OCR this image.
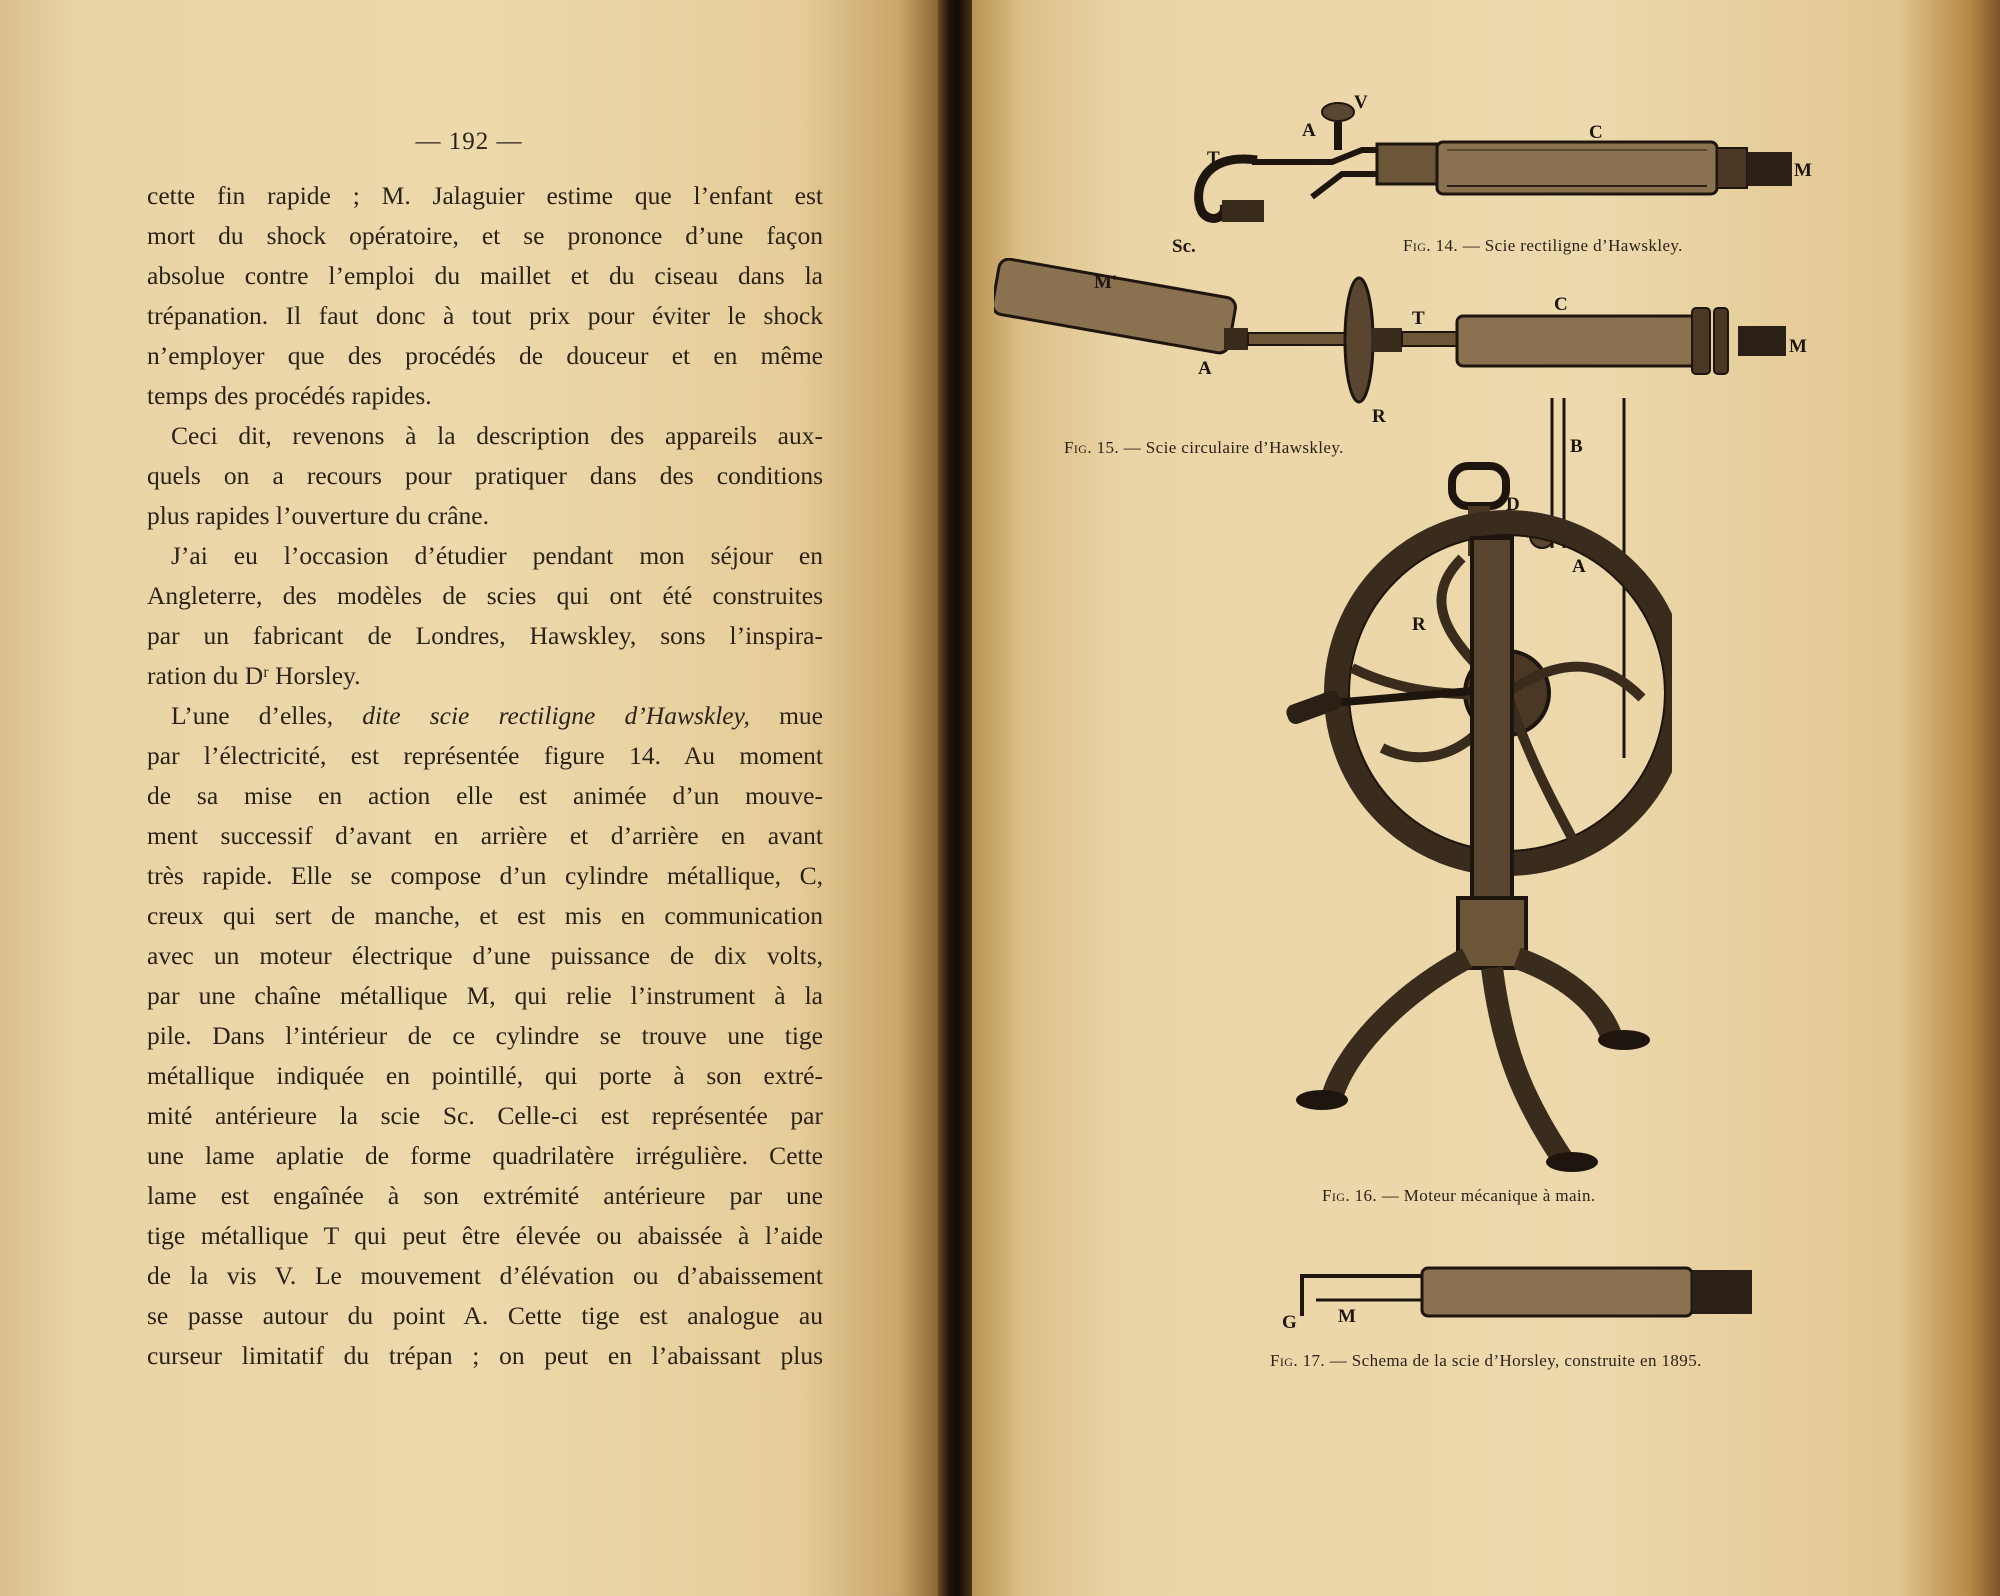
— 192 —
cette fin rapide ; M. Jalaguier estime que l’enfant est
mort du shock opératoire, et se prononce d’une façon
absolue contre l’emploi du maillet et du ciseau dans la
trépanation. Il faut donc à tout prix pour éviter le shock
n’employer que des procédés de douceur et en même
temps des procédés rapides.
Ceci dit, revenons à la description des appareils aux-
quels on a recours pour pratiquer dans des conditions
plus rapides l’ouverture du crâne.
J’ai eu l’occasion d’étudier pendant mon séjour en
Angleterre, des modèles de scies qui ont été construites
par un fabricant de Londres, Hawskley, sons l’inspira-
ration du Dʳ Horsley.
L’une d’elles, dite scie rectiligne d’Hawskley, mue
par l’électricité, est représentée figure 14. Au moment
de sa mise en action elle est animée d’un mouve-
ment successif d’avant en arrière et d’arrière en avant
très rapide. Elle se compose d’un cylindre métallique, C,
creux qui sert de manche, et est mis en communication
avec un moteur électrique d’une puissance de dix volts,
par une chaîne métallique M, qui relie l’instrument à la
pile. Dans l’intérieur de ce cylindre se trouve une tige
métallique indiquée en pointillé, qui porte à son extré-
mité antérieure la scie Sc. Celle-ci est représentée par
une lame aplatie de forme quadrilatère irrégulière. Cette
lame est engaînée à son extrémité antérieure par une
tige métallique T qui peut être élevée ou abaissée à l’aide
de la vis V. Le mouvement d’élévation ou d’abaissement
se passe autour du point A. Cette tige est analogue au
curseur limitatif du trépan ; on peut en l’abaissant plus
V
A	C
T
M
Sc.	Fig. 14. — Scie rectiligne d’Hawskley.
M'
T
C
A
M
R
Fig. 15. — Scie circulaire d’Hawskley.	B
D
A
R
Fig. 16. — Moteur mécanique à main.
G M
Fig. 17. — Schema de la scie d’Horsley, construite en 1895.
